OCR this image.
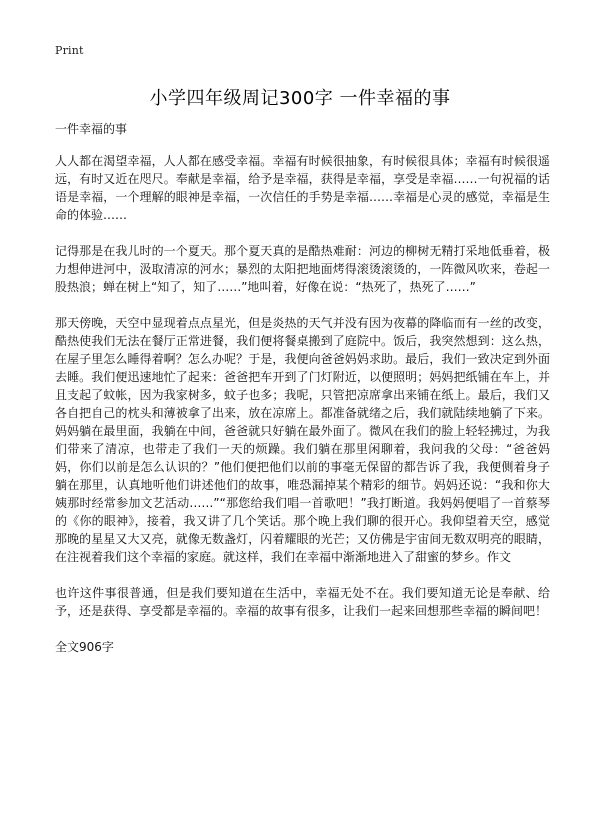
Print
小学四年级周记300字 一件幸福的事

一件幸福的事

人人都在渴望幸福，人人都在感受幸福。幸福有时候很抽象，有时候很具体；幸福有时候很遥远，有时又近在咫尺。奉献是幸福，给予是幸福，获得是幸福，享受是幸福……一句祝福的话语是幸福，一个理解的眼神是幸福，一次信任的手势是幸福……幸福是心灵的感觉，幸福是生命的体验……

记得那是在我儿时的一个夏天。那个夏天真的是酷热难耐：河边的柳树无精打采地低垂着，极力想伸进河中，汲取清凉的河水；暴烈的太阳把地面烤得滚烫滚烫的，一阵微风吹来，卷起一股热浪；蝉在树上“知了，知了……”地叫着，好像在说：“热死了，热死了……”

那天傍晚，天空中显现着点点星光，但是炎热的天气并没有因为夜幕的降临而有一丝的改变，酷热使我们无法在餐厅正常进餐，我们便将餐桌搬到了庭院中。饭后，我突然想到：这么热，在屋子里怎么睡得着啊？怎么办呢？于是，我便向爸爸妈妈求助。最后，我们一致决定到外面去睡。我们便迅速地忙了起来：爸爸把车开到了门灯附近，以便照明；妈妈把纸铺在车上，并且支起了蚊帐，因为我家树多，蚊子也多；我呢，只管把凉席拿出来铺在纸上。最后，我们又各自把自己的枕头和薄被拿了出来，放在凉席上。都准备就绪之后，我们就陆续地躺了下来。妈妈躺在最里面，我躺在中间，爸爸就只好躺在最外面了。微风在我们的脸上轻轻拂过，为我们带来了清凉，也带走了我们一天的烦躁。我们躺在那里闲聊着，我问我的父母：“爸爸妈妈，你们以前是怎么认识的？”他们便把他们以前的事毫无保留的都告诉了我，我便侧着身子躺在那里，认真地听他们讲述他们的故事，唯恐漏掉某个精彩的细节。妈妈还说：“我和你大姨那时经常参加文艺活动……”“那您给我们唱一首歌吧！”我打断道。我妈妈便唱了一首蔡琴的《你的眼神》，接着，我又讲了几个笑话。那个晚上我们聊的很开心。我仰望着天空，感觉那晚的星星又大又亮，就像无数盏灯，闪着耀眼的光芒；又仿佛是宇宙间无数双明亮的眼睛，在注视着我们这个幸福的家庭。就这样，我们在幸福中渐渐地进入了甜蜜的梦乡。作文

也许这件事很普通，但是我们要知道在生活中，幸福无处不在。我们要知道无论是奉献、给予，还是获得、享受都是幸福的。幸福的故事有很多，让我们一起来回想那些幸福的瞬间吧！

全文906字
